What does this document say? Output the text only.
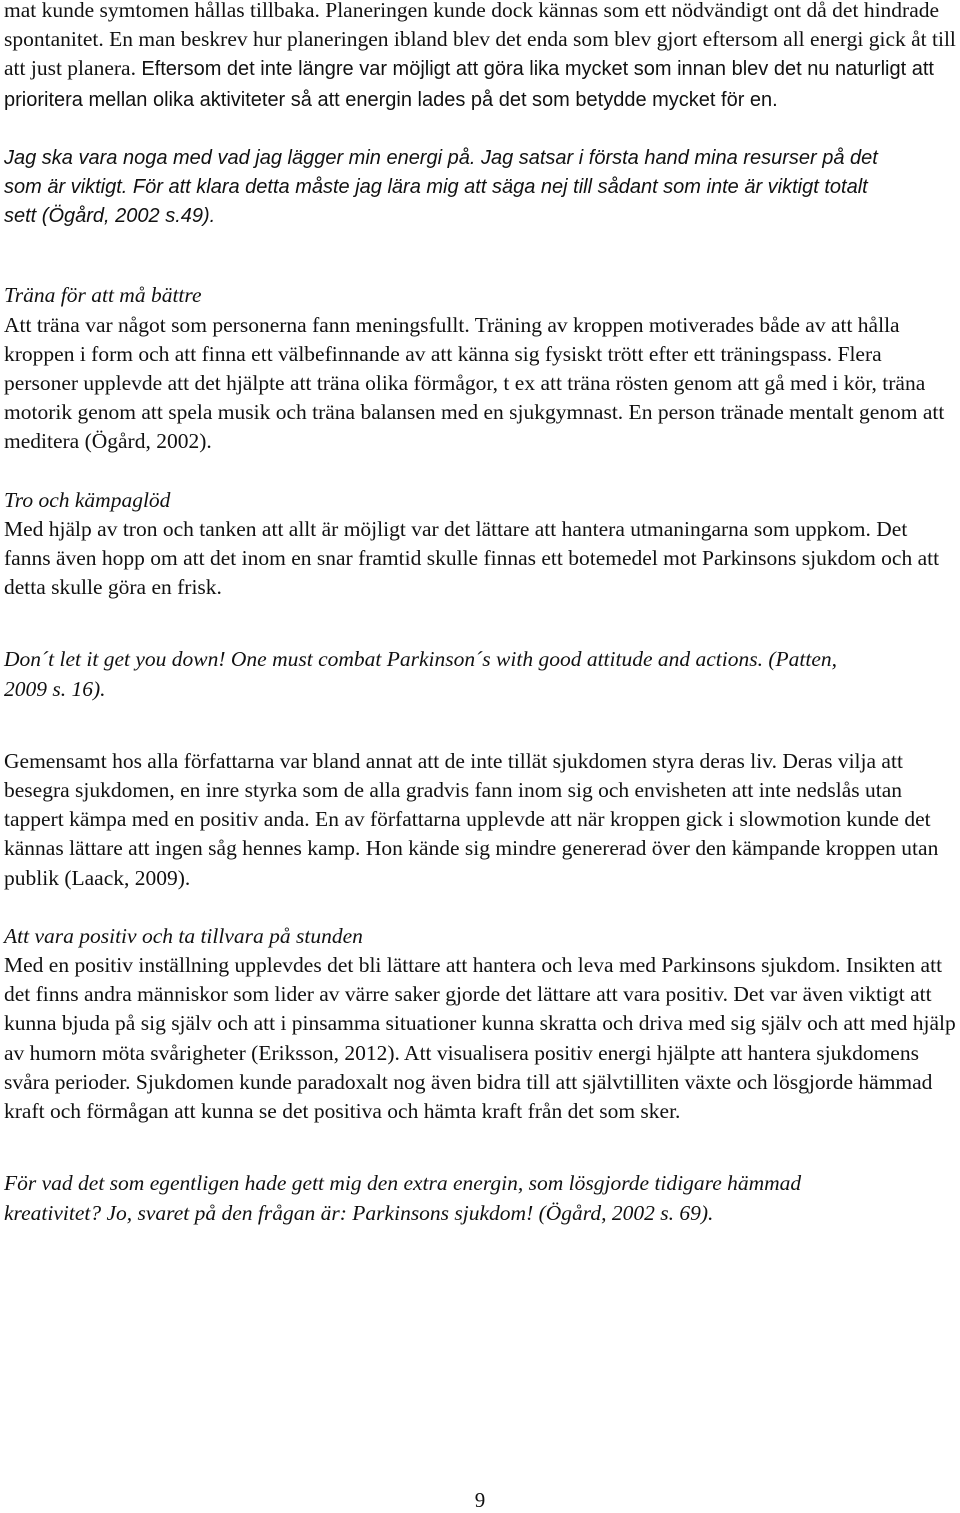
mat kunde symtomen hållas tillbaka. Planeringen kunde dock kännas som ett nödvändigt ont då det hindrade spontanitet. En man beskrev hur planeringen ibland blev det enda som blev gjort eftersom all energi gick åt till att just planera. Eftersom det inte längre var möjligt att göra lika mycket som innan blev det nu naturligt att prioritera mellan olika aktiviteter så att energin lades på det som betydde mycket för en.

Jag ska vara noga med vad jag lägger min energi på. Jag satsar i första hand mina resurser på det som är viktigt. För att klara detta måste jag lära mig att säga nej till sådant som inte är viktigt totalt sett (Ögård, 2002 s.49).

Träna för att må bättre

Att träna var något som personerna fann meningsfullt. Träning av kroppen motiverades både av att hålla kroppen i form och att finna ett välbefinnande av att känna sig fysiskt trött efter ett träningspass. Flera personer upplevde att det hjälpte att träna olika förmågor, t ex att träna rösten genom att gå med i kör, träna motorik genom att spela musik och träna balansen med en sjukgymnast. En person tränade mentalt genom att meditera (Ögård, 2002).

Tro och kämpaglöd

Med hjälp av tron och tanken att allt är möjligt var det lättare att hantera utmaningarna som uppkom. Det fanns även hopp om att det inom en snar framtid skulle finnas ett botemedel mot Parkinsons sjukdom och att detta skulle göra en frisk.

Don´t let it get you down! One must combat Parkinson´s with good attitude and actions. (Patten, 2009 s. 16).

Gemensamt hos alla författarna var bland annat att de inte tillät sjukdomen styra deras liv. Deras vilja att besegra sjukdomen, en inre styrka som de alla gradvis fann inom sig och envisheten att inte nedslås utan tappert kämpa med en positiv anda. En av författarna upplevde att när kroppen gick i slowmotion kunde det kännas lättare att ingen såg hennes kamp. Hon kände sig mindre genererad över den kämpande kroppen utan publik (Laack, 2009).

Att vara positiv och ta tillvara på stunden

Med en positiv inställning upplevdes det bli lättare att hantera och leva med Parkinsons sjukdom. Insikten att det finns andra människor som lider av värre saker gjorde det lättare att vara positiv. Det var även viktigt att kunna bjuda på sig själv och att i pinsamma situationer kunna skratta och driva med sig själv och att med hjälp av humorn möta svårigheter (Eriksson, 2012). Att visualisera positiv energi hjälpte att hantera sjukdomens svåra perioder. Sjukdomen kunde paradoxalt nog även bidra till att självtilliten växte och lösgjorde hämmad kraft och förmågan att kunna se det positiva och hämta kraft från det som sker.

För vad det som egentligen hade gett mig den extra energin, som lösgjorde tidigare hämmad kreativitet? Jo, svaret på den frågan är: Parkinsons sjukdom! (Ögård, 2002 s. 69).

9
